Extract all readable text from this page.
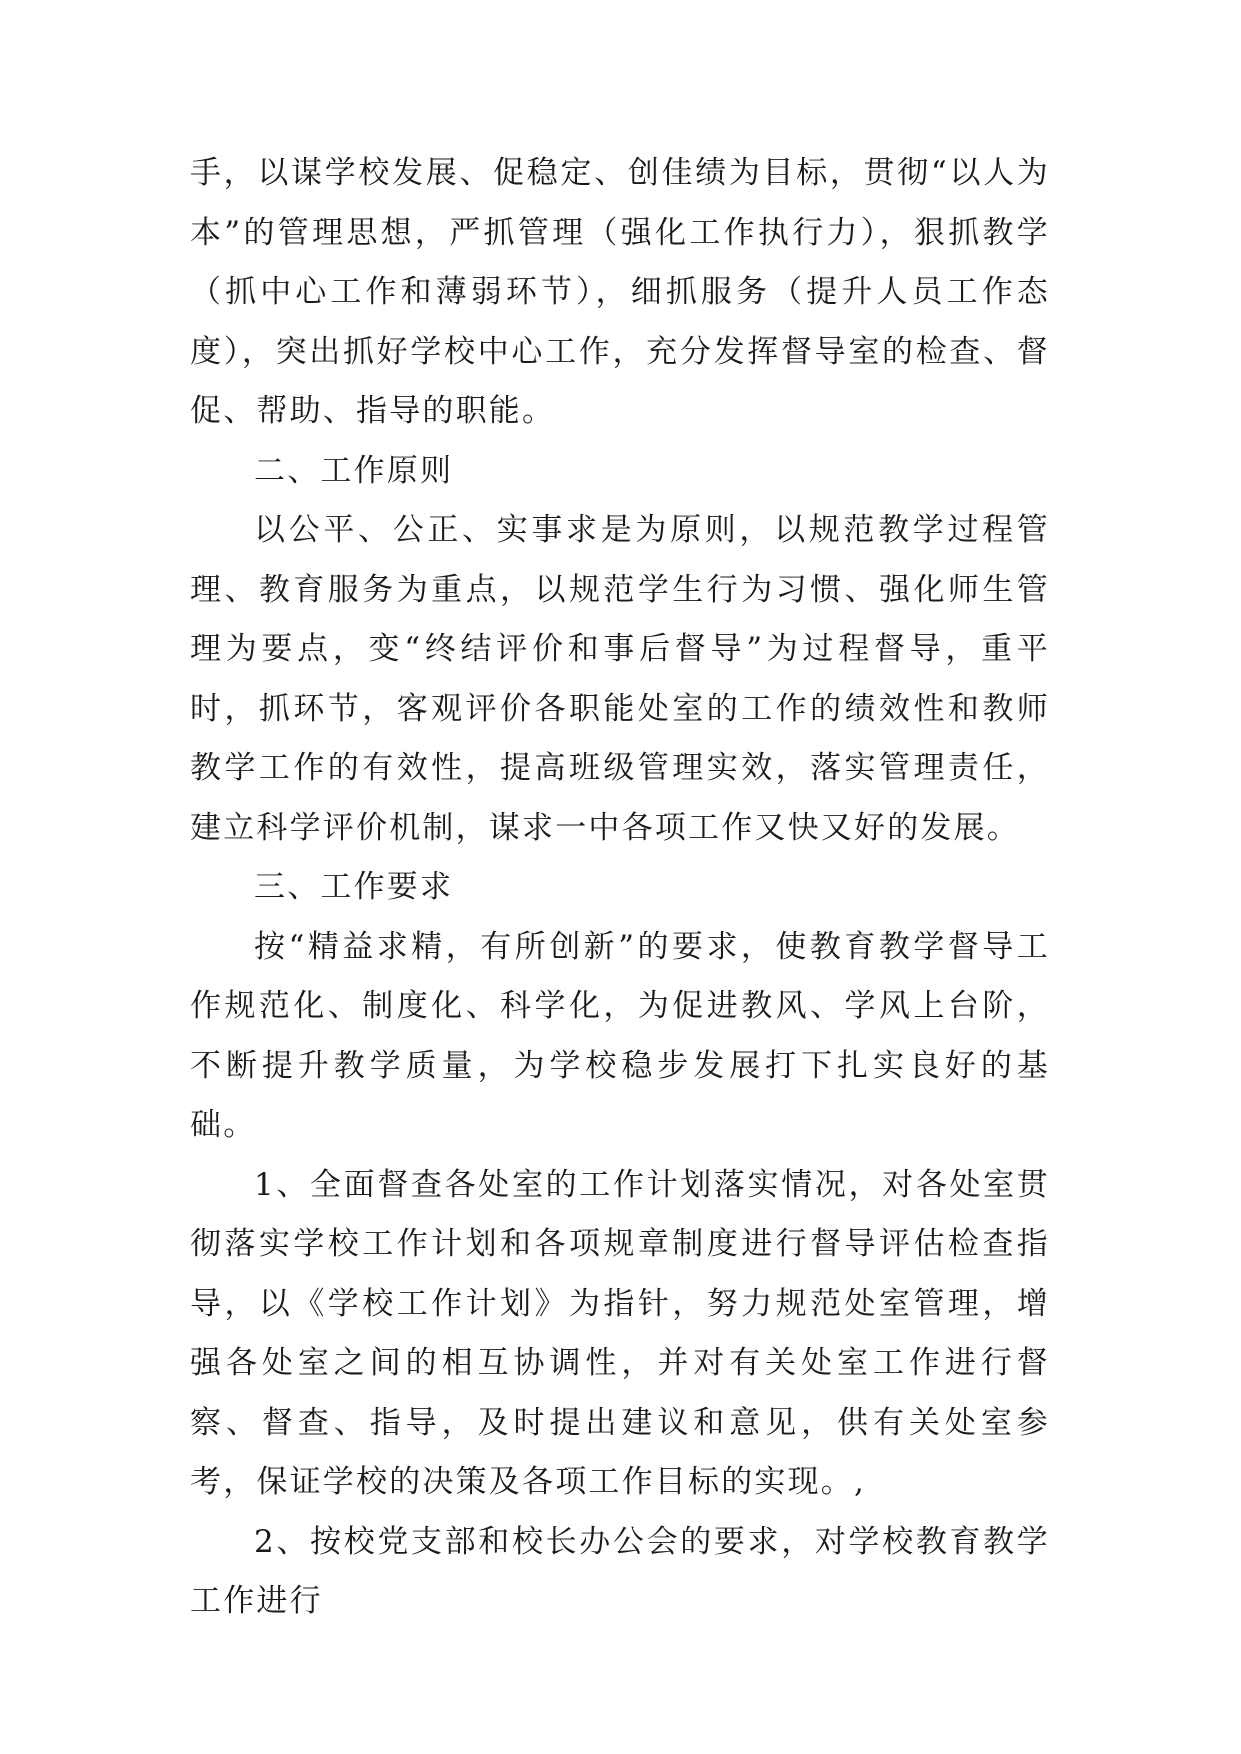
手，以谋学校发展、促稳定、创佳绩为目标，贯彻“以人为本”的管理思想，严抓管理（强化工作执行力），狠抓教学（抓中心工作和薄弱环节），细抓服务（提升人员工作态度），突出抓好学校中心工作，充分发挥督导室的检查、督促、帮助、指导的职能。

二、工作原则

以公平、公正、实事求是为原则，以规范教学过程管理、教育服务为重点，以规范学生行为习惯、强化师生管理为要点，变“终结评价和事后督导”为过程督导，重平时，抓环节，客观评价各职能处室的工作的绩效性和教师教学工作的有效性，提高班级管理实效，落实管理责任，建立科学评价机制，谋求一中各项工作又快又好的发展。

三、工作要求

按“精益求精，有所创新”的要求，使教育教学督导工作规范化、制度化、科学化，为促进教风、学风上台阶，不断提升教学质量，为学校稳步发展打下扎实良好的基础。

1、全面督查各处室的工作计划落实情况，对各处室贯彻落实学校工作计划和各项规章制度进行督导评估检查指导，以《学校工作计划》为指针，努力规范处室管理，增强各处室之间的相互协调性，并对有关处室工作进行督察、督查、指导，及时提出建议和意见，供有关处室参考，保证学校的决策及各项工作目标的实现。,

2、按校党支部和校长办公会的要求，对学校教育教学工作进行
